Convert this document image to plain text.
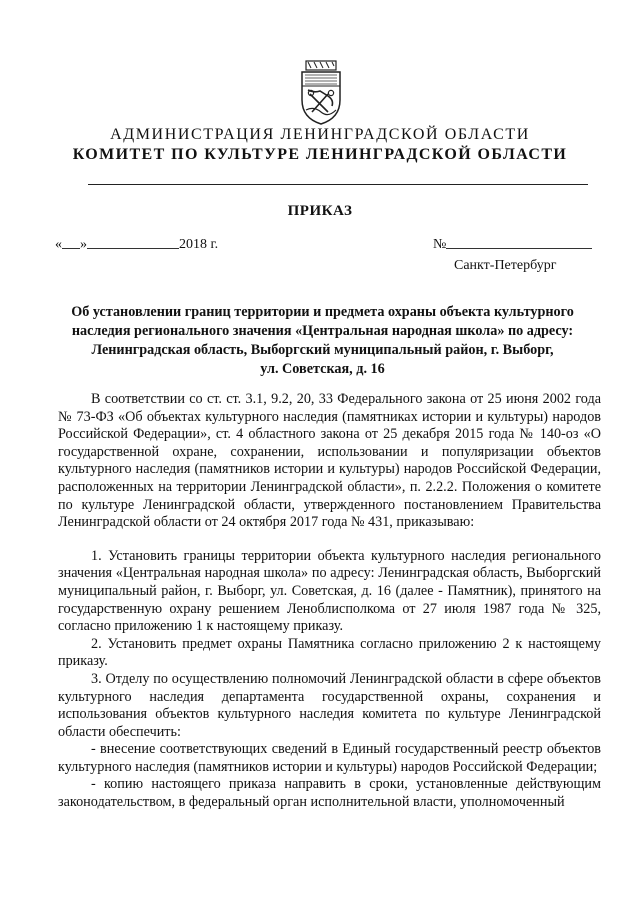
АДМИНИСТРАЦИЯ ЛЕНИНГРАДСКОЙ ОБЛАСТИ
КОМИТЕТ ПО КУЛЬТУРЕ ЛЕНИНГРАДСКОЙ ОБЛАСТИ
ПРИКАЗ
« »	2018 г.	№
Санкт-Петербург
Об установлении границ территории и предмета охраны объекта культурного
наследия регионального значения «Центральная народная школа» по адресу:
Ленинградская область, Выборгский муниципальный район, г. Выборг,
ул. Советская, д. 16

В соответствии со ст. ст. 3.1, 9.2, 20, 33 Федерального закона от 25 июня 2002 года № 73-ФЗ «Об объектах культурного наследия (памятниках истории и культуры) народов Российской Федерации», ст. 4 областного закона от 25 декабря 2015 года № 140-оз «О государственной охране, сохранении, использовании и популяризации объектов культурного наследия (памятников истории и культуры) народов Российской Федерации, расположенных на территории Ленинградской области», п. 2.2.2. Положения о комитете по культуре Ленинградской области, утвержденного постановлением Правительства Ленинградской области от 24 октября 2017 года № 431, приказываю:

1. Установить границы территории объекта культурного наследия регионального значения «Центральная народная школа» по адресу: Ленинградская область, Выборгский муниципальный район, г. Выборг, ул. Советская, д. 16 (далее - Памятник), принятого на государственную охрану решением Леноблисполкома от 27 июля 1987 года № 325, согласно приложению 1 к настоящему приказу.

2. Установить предмет охраны Памятника согласно приложению 2 к настоящему приказу.

3. Отделу по осуществлению полномочий Ленинградской области в сфере объектов культурного наследия департамента государственной охраны, сохранения и использования объектов культурного наследия комитета по культуре Ленинградской области обеспечить:

- внесение соответствующих сведений в Единый государственный реестр объектов культурного наследия (памятников истории и культуры) народов Российской Федерации;

- копию настоящего приказа направить в сроки, установленные действующим законодательством, в федеральный орган исполнительной власти, уполномоченный
